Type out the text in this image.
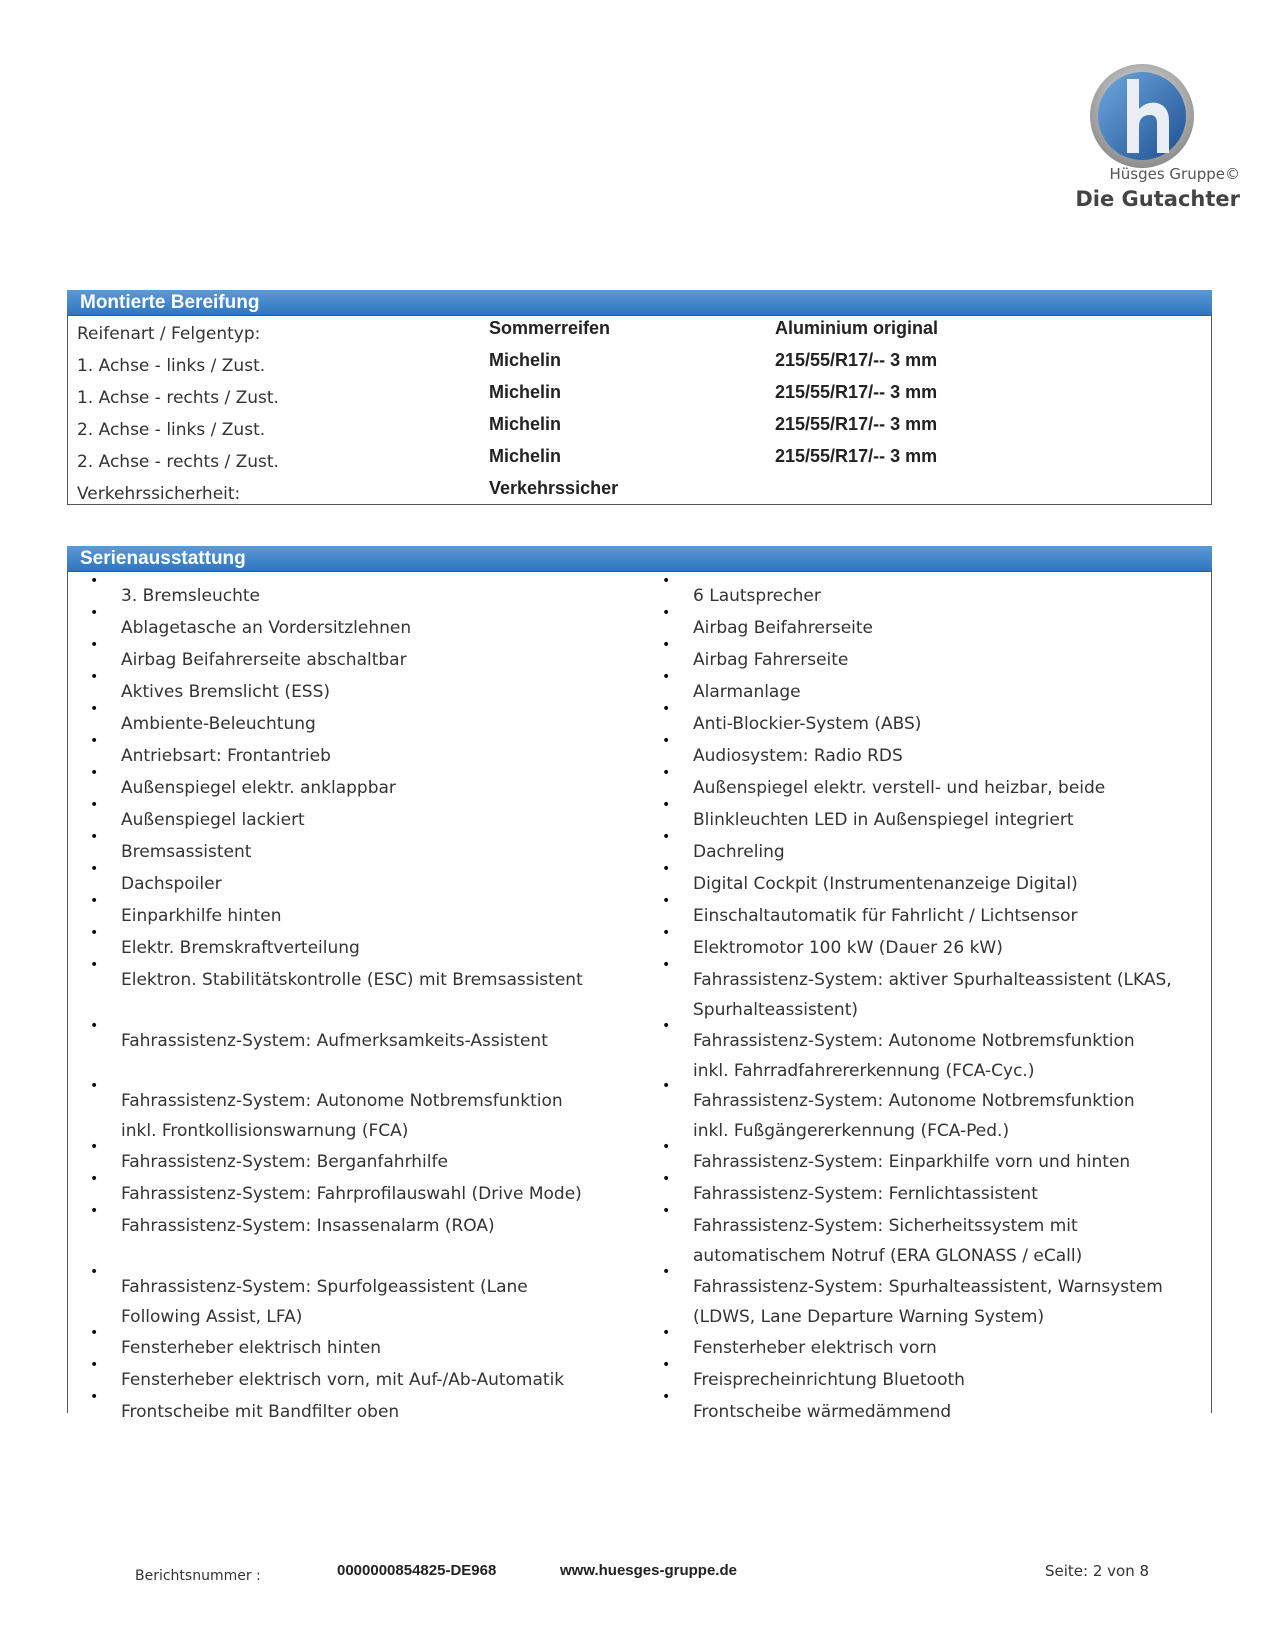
Hüsges Gruppe©
Die Gutachter
Montierte Bereifung
Reifenart / Felgentyp:	Sommerreifen	Aluminium original
1. Achse - links / Zust.	Michelin	215/55/R17/-- 3 mm
1. Achse - rechts / Zust.	Michelin	215/55/R17/-- 3 mm
2. Achse - links / Zust.	Michelin	215/55/R17/-- 3 mm
2. Achse - rechts / Zust.	Michelin	215/55/R17/-- 3 mm
Verkehrssicherheit:	Verkehrssicher
Serienausstattung
•
3. Bremsleuchte
•
6 Lautsprecher
•
Ablagetasche an Vordersitzlehnen
•
Airbag Beifahrerseite
•
Airbag Beifahrerseite abschaltbar
•
Airbag Fahrerseite
•
Aktives Bremslicht (ESS)
•
Alarmanlage
•
Ambiente-Beleuchtung
•
Anti-Blockier-System (ABS)
•
Antriebsart: Frontantrieb
•
Audiosystem: Radio RDS
•
Außenspiegel elektr. anklappbar
•
Außenspiegel elektr. verstell- und heizbar, beide
•
Außenspiegel lackiert
•
Blinkleuchten LED in Außenspiegel integriert
•
Bremsassistent
•
Dachreling
•
Dachspoiler
•
Digital Cockpit (Instrumentenanzeige Digital)
•
Einparkhilfe hinten
•
Einschaltautomatik für Fahrlicht / Lichtsensor
•
Elektr. Bremskraftverteilung
•
Elektromotor 100 kW (Dauer 26 kW)
•
Elektron. Stabilitätskontrolle (ESC) mit Bremsassistent
•
Fahrassistenz-System: aktiver Spurhalteassistent (LKAS, Spurhalteassistent)
•
Fahrassistenz-System: Aufmerksamkeits-Assistent
•
Fahrassistenz-System: Autonome Notbremsfunktion inkl. Fahrradfahrererkennung (FCA-Cyc.)
•
Fahrassistenz-System: Autonome Notbremsfunktion inkl. Frontkollisionswarnung (FCA)
•
Fahrassistenz-System: Autonome Notbremsfunktion inkl. Fußgängererkennung (FCA-Ped.)
•
Fahrassistenz-System: Berganfahrhilfe
•
Fahrassistenz-System: Einparkhilfe vorn und hinten
•
Fahrassistenz-System: Fahrprofilauswahl (Drive Mode)
•
Fahrassistenz-System: Fernlichtassistent
•
Fahrassistenz-System: Insassenalarm (ROA)
•
Fahrassistenz-System: Sicherheitssystem mit automatischem Notruf (ERA GLONASS / eCall)
•
Fahrassistenz-System: Spurfolgeassistent (Lane Following Assist, LFA)
•
Fahrassistenz-System: Spurhalteassistent, Warnsystem (LDWS, Lane Departure Warning System)
•
Fensterheber elektrisch hinten
•
Fensterheber elektrisch vorn
•
Fensterheber elektrisch vorn, mit Auf-/Ab-Automatik
•
Freisprecheinrichtung Bluetooth
•
Frontscheibe mit Bandfilter oben
•
Frontscheibe wärmedämmend
Berichtsnummer :	0000000854825-DE968	www.huesges-gruppe.de	Seite: 2 von 8
